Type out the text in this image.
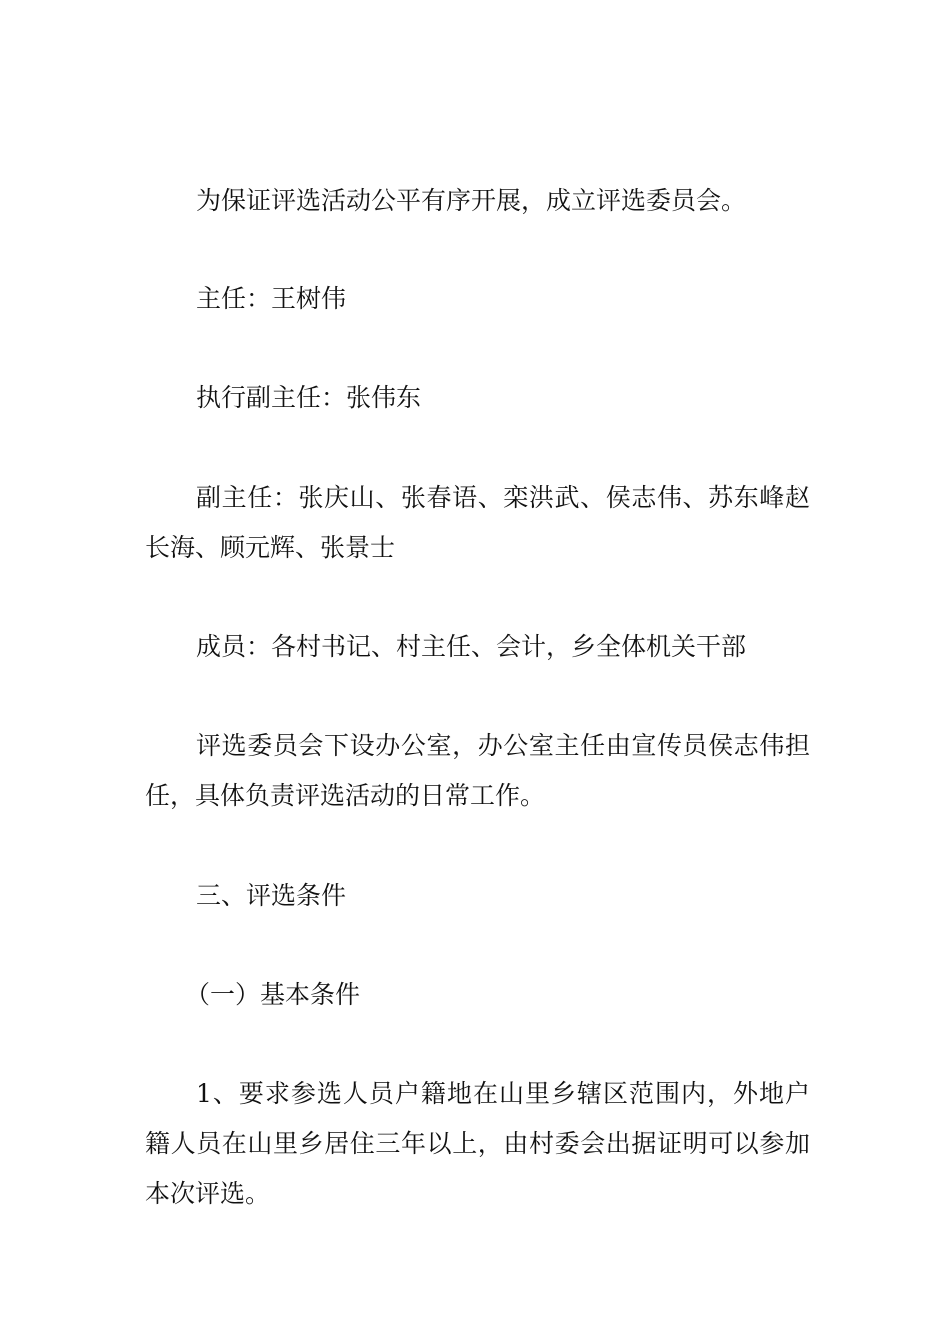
为保证评选活动公平有序开展，成立评选委员会。

主任：王树伟

执行副主任：张伟东

副主任：张庆山、张春语、栾洪武、侯志伟、苏东峰赵长海、顾元辉、张景士

成员：各村书记、村主任、会计，乡全体机关干部

评选委员会下设办公室，办公室主任由宣传员侯志伟担任，具体负责评选活动的日常工作。

三、评选条件

（一）基本条件

1、要求参选人员户籍地在山里乡辖区范围内，外地户籍人员在山里乡居住三年以上，由村委会出据证明可以参加本次评选。
